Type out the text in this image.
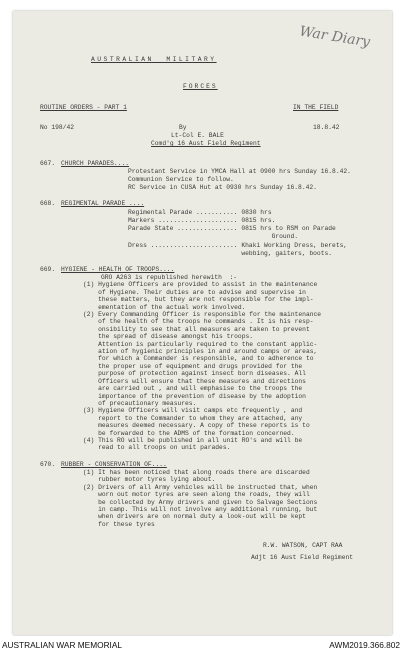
War Diary
AUSTRALIAN  MILITARY
FORCES
ROUTINE ORDERS - PART 1	IN THE FIELD
No 198/42	18.8.42
By
Lt-Col E. BALE
Comd'g 16 Aust Field Regiment
667. CHURCH PARADES....
Protestant Service in YMCA Hall at 0900 hrs Sunday 16.8.42.
Communion Service to follow.
RC Service in CUSA Hut at 0930 hrs Sunday 16.8.42.
668. REGIMENTAL PARADE ....
Regimental Parade ........... 0830 hrs
Markers ..................... 0815 hrs.
Parade State ................ 0815 hrs to RSM on Parade
Ground.
Dress ....................... Khaki Working Dress, berets,
webbing, gaiters, boots.
669. HYGIENE - HEALTH OF TROOPS....
GRO A263 is republished herewith  :-
(1) Hygiene Officers are provided to assist in the maintenance
of Hygiene. Their duties are to advise and supervise in
these matters, but they are not responsible for the impl-
ementation of the actual work involved.
(2) Every Commanding Officer is responsible for the maintenance
of the health of the troops he commands . It is his resp-
onsibility to see that all measures are taken to prevent
the spread of disease amongst his troops.
Attention is particularly required to the constant applic-
ation of hygienic principles in and around camps or areas,
for which a Commander is responsible, and to adherence to
the proper use of equipment and drugs provided for the
purpose of protection against insect born diseases. All
Officers will ensure that these measures and directions
are carried out , and will emphasise to the troops the
importance of the prevention of disease by the adoption
of precautionary measures.
(3) Hygiene Officers will visit camps etc frequently , and
report to the Commander to whom they are attached, any
measures deemed necessary. A copy of these reports is to
be forwarded to the ADMS of the formation concerned.
(4) This RO will be published in all unit RO's and will be
read to all troops on unit parades.
670. RUBBER - CONSERVATION OF....
(1) It has been noticed that along roads there are discarded
rubber motor tyres lying about.
(2) Drivers of all Army vehicles will be instructed that, when
worn out motor tyres are seen along the roads, they will
be collected by Army drivers and given to Salvage Sections
in camp. This will not involve any additional running, but
when drivers are on normal duty a look-out will be kept
for these tyres
R.W. WATSON, CAPT RAA
Adjt 16 Aust Field Regiment
AUSTRALIAN WAR MEMORIAL	AWM2019.366.802
